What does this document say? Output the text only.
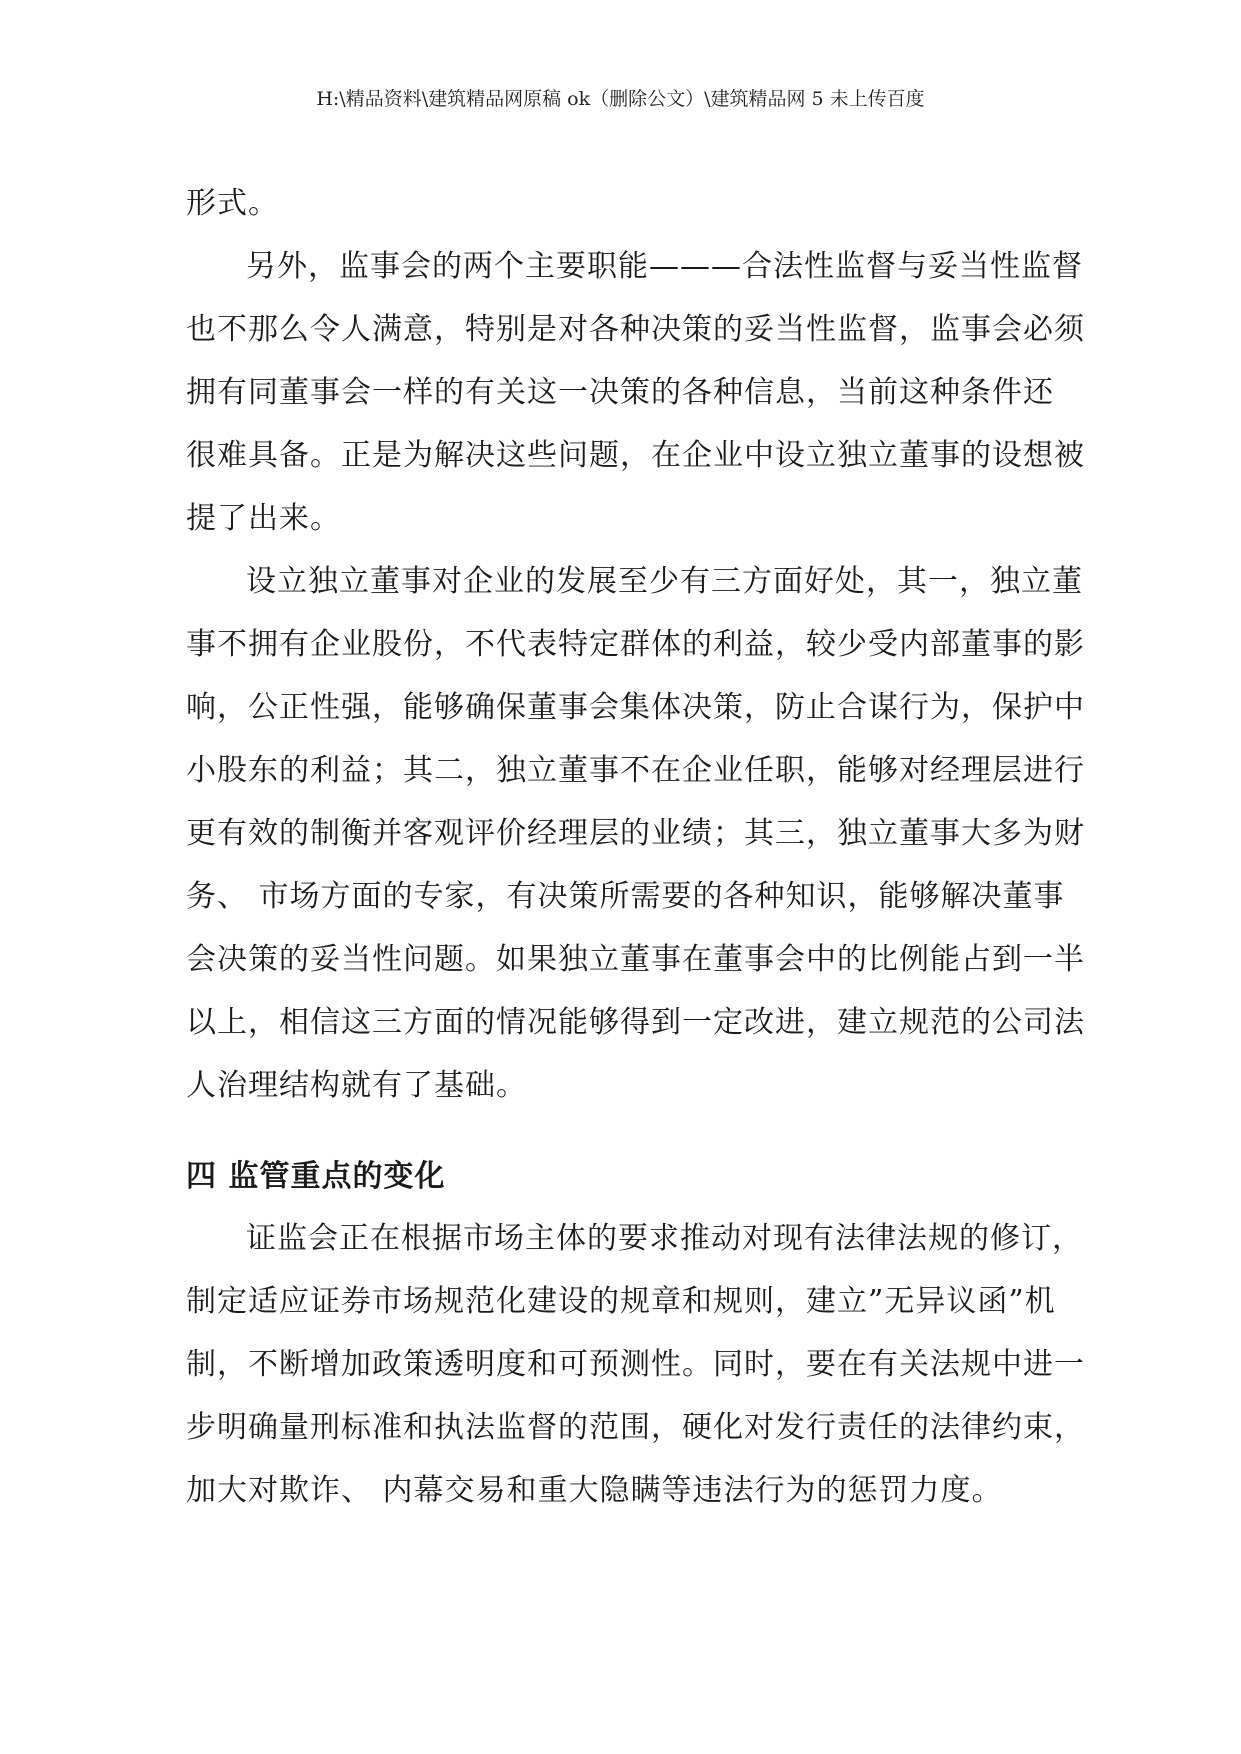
H:\精品资料\建筑精品网原稿 ok（删除公文）\建筑精品网 5 未上传百度
形式。
另外，监事会的两个主要职能———合法性监督与妥当性监督
也不那么令人满意，特别是对各种决策的妥当性监督，监事会必须
拥有同董事会一样的有关这一决策的各种信息，当前这种条件还
很难具备。正是为解决这些问题，在企业中设立独立董事的设想被
提了出来。
设立独立董事对企业的发展至少有三方面好处，其一，独立董
事不拥有企业股份，不代表特定群体的利益，较少受内部董事的影
响，公正性强，能够确保董事会集体决策，防止合谋行为，保护中
小股东的利益；其二，独立董事不在企业任职，能够对经理层进行
更有效的制衡并客观评价经理层的业绩；其三，独立董事大多为财
务、 市场方面的专家，有决策所需要的各种知识，能够解决董事
会决策的妥当性问题。如果独立董事在董事会中的比例能占到一半
以上，相信这三方面的情况能够得到一定改进，建立规范的公司法
人治理结构就有了基础。
四 监管重点的变化
证监会正在根据市场主体的要求推动对现有法律法规的修订，
制定适应证券市场规范化建设的规章和规则，建立”无异议函”机
制，不断增加政策透明度和可预测性。同时，要在有关法规中进一
步明确量刑标准和执法监督的范围，硬化对发行责任的法律约束，
加大对欺诈、 内幕交易和重大隐瞒等违法行为的惩罚力度。
